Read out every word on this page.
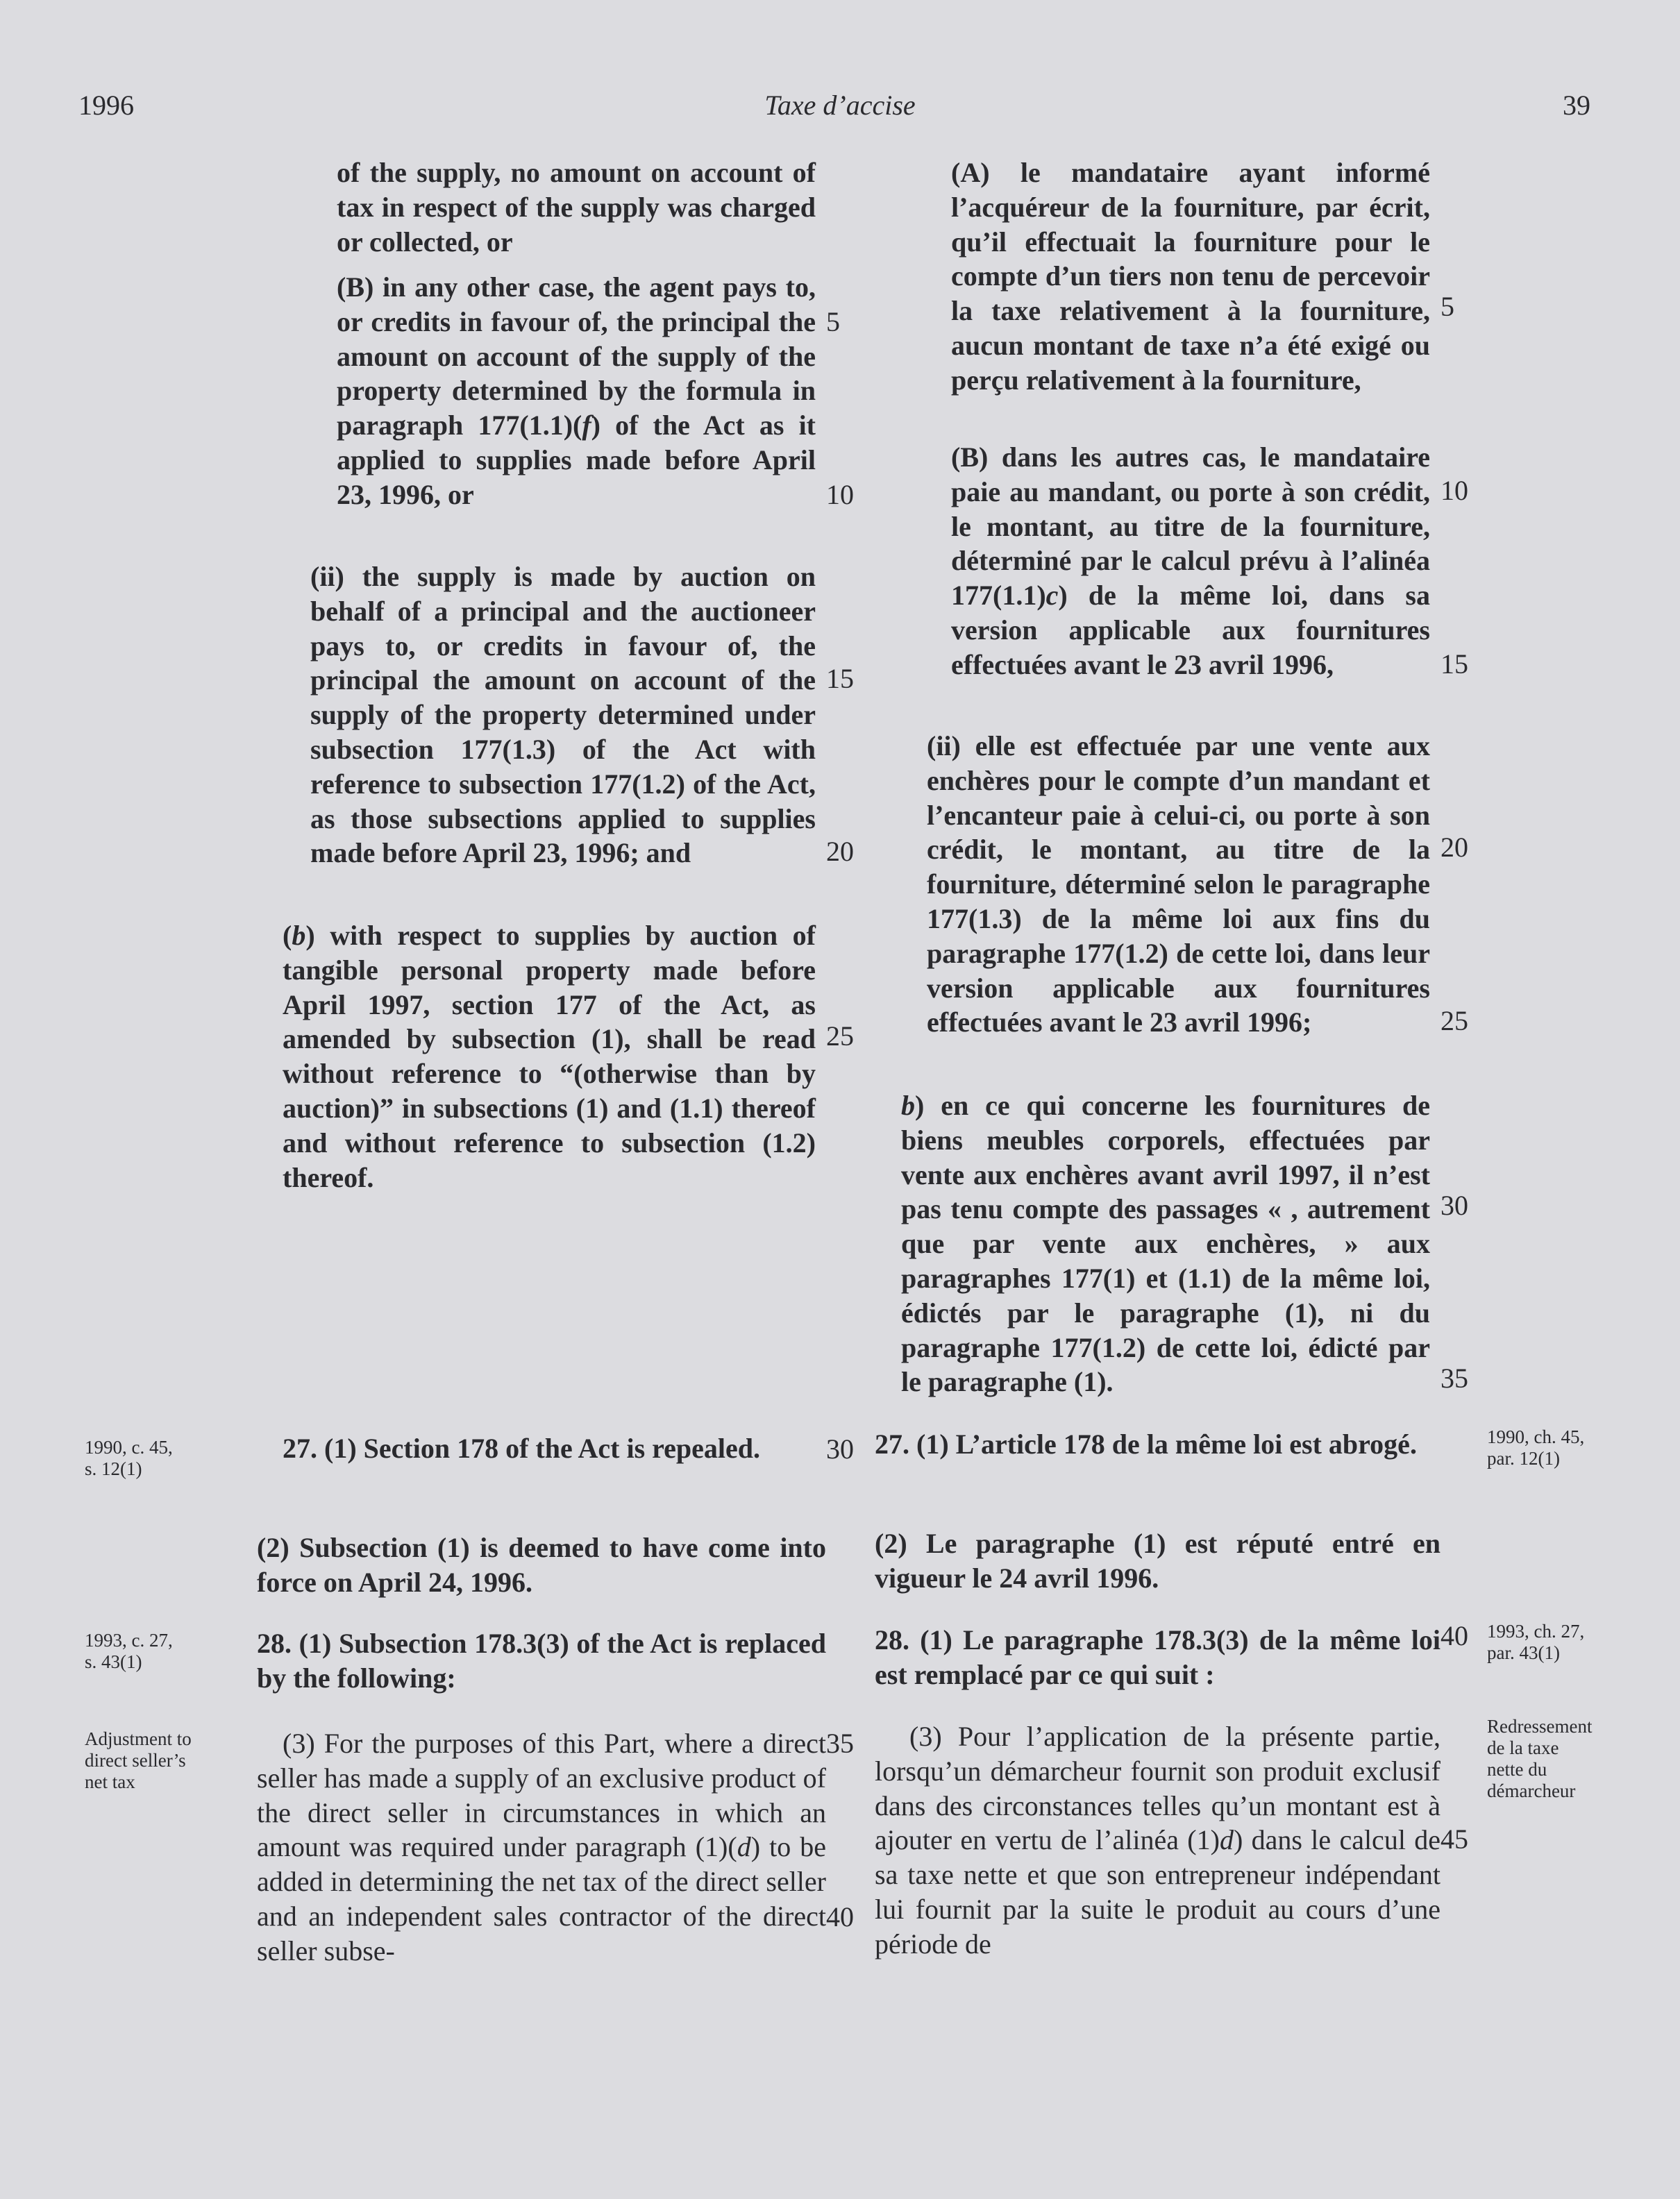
1996	Taxe d’accise	39
of the supply, no amount on account of tax in respect of the supply was charged or collected, or
(B) in any other case, the agent pays to, or credits in favour of, the principal the amount on account of the supply of the property determined by the formula in paragraph 177(1.1)(f) of the Act as it applied to supplies made before April 23, 1996, or
(ii) the supply is made by auction on behalf of a principal and the auctioneer pays to, or credits in favour of, the principal the amount on account of the supply of the property determined under subsection 177(1.3) of the Act with reference to subsection 177(1.2) of the Act, as those subsections applied to supplies made before April 23, 1996; and
(b) with respect to supplies by auction of tangible personal property made before April 1997, section 177 of the Act, as amended by subsection (1), shall be read without reference to “(otherwise than by auction)” in subsections (1) and (1.1) thereof and without reference to subsection (1.2) thereof.
27. (1) Section 178 of the Act is repealed.
(2) Subsection (1) is deemed to have come into force on April 24, 1996.
28. (1) Subsection 178.3(3) of the Act is replaced by the following:
(3) For the purposes of this Part, where a direct seller has made a supply of an exclusive product of the direct seller in circumstances in which an amount was required under paragraph (1)(d) to be added in determining the net tax of the direct seller and an independent sales contractor of the direct seller subse-
5
10
15
20
25
30
35
40
(A) le mandataire ayant informé l’acquéreur de la fourniture, par écrit, qu’il effectuait la fourniture pour le compte d’un tiers non tenu de percevoir la taxe relativement à la fourniture, aucun montant de taxe n’a été exigé ou perçu relativement à la fourniture,
(B) dans les autres cas, le mandataire paie au mandant, ou porte à son crédit, le montant, au titre de la fourniture, déterminé par le calcul prévu à l’alinéa 177(1.1)c) de la même loi, dans sa version applicable aux fournitures effectuées avant le 23 avril 1996,
(ii) elle est effectuée par une vente aux enchères pour le compte d’un mandant et l’encanteur paie à celui-ci, ou porte à son crédit, le montant, au titre de la fourniture, déterminé selon le paragraphe 177(1.3) de la même loi aux fins du paragraphe 177(1.2) de cette loi, dans leur version applicable aux fournitures effectuées avant le 23 avril 1996;
b) en ce qui concerne les fournitures de biens meubles corporels, effectuées par vente aux enchères avant avril 1997, il n’est pas tenu compte des passages « , autrement que par vente aux enchères, » aux paragraphes 177(1) et (1.1) de la même loi, édictés par le paragraphe (1), ni du paragraphe 177(1.2) de cette loi, édicté par le paragraphe (1).
27. (1) L’article 178 de la même loi est abrogé.
(2) Le paragraphe (1) est réputé entré en vigueur le 24 avril 1996.
28. (1) Le paragraphe 178.3(3) de la même loi est remplacé par ce qui suit :
(3) Pour l’application de la présente partie, lorsqu’un démarcheur fournit son produit exclusif dans des circonstances telles qu’un montant est à ajouter en vertu de l’alinéa (1)d) dans le calcul de sa taxe nette et que son entrepreneur indépendant lui fournit par la suite le produit au cours d’une période de
5
10
15
20
25
30
35
40
45
1990, c. 45,
s. 12(1)
1993, c. 27,
s. 43(1)
Adjustment to
direct seller’s
net tax
1990, ch. 45,
par. 12(1)
1993, ch. 27,
par. 43(1)
Redressement
de la taxe
nette du
démarcheur
